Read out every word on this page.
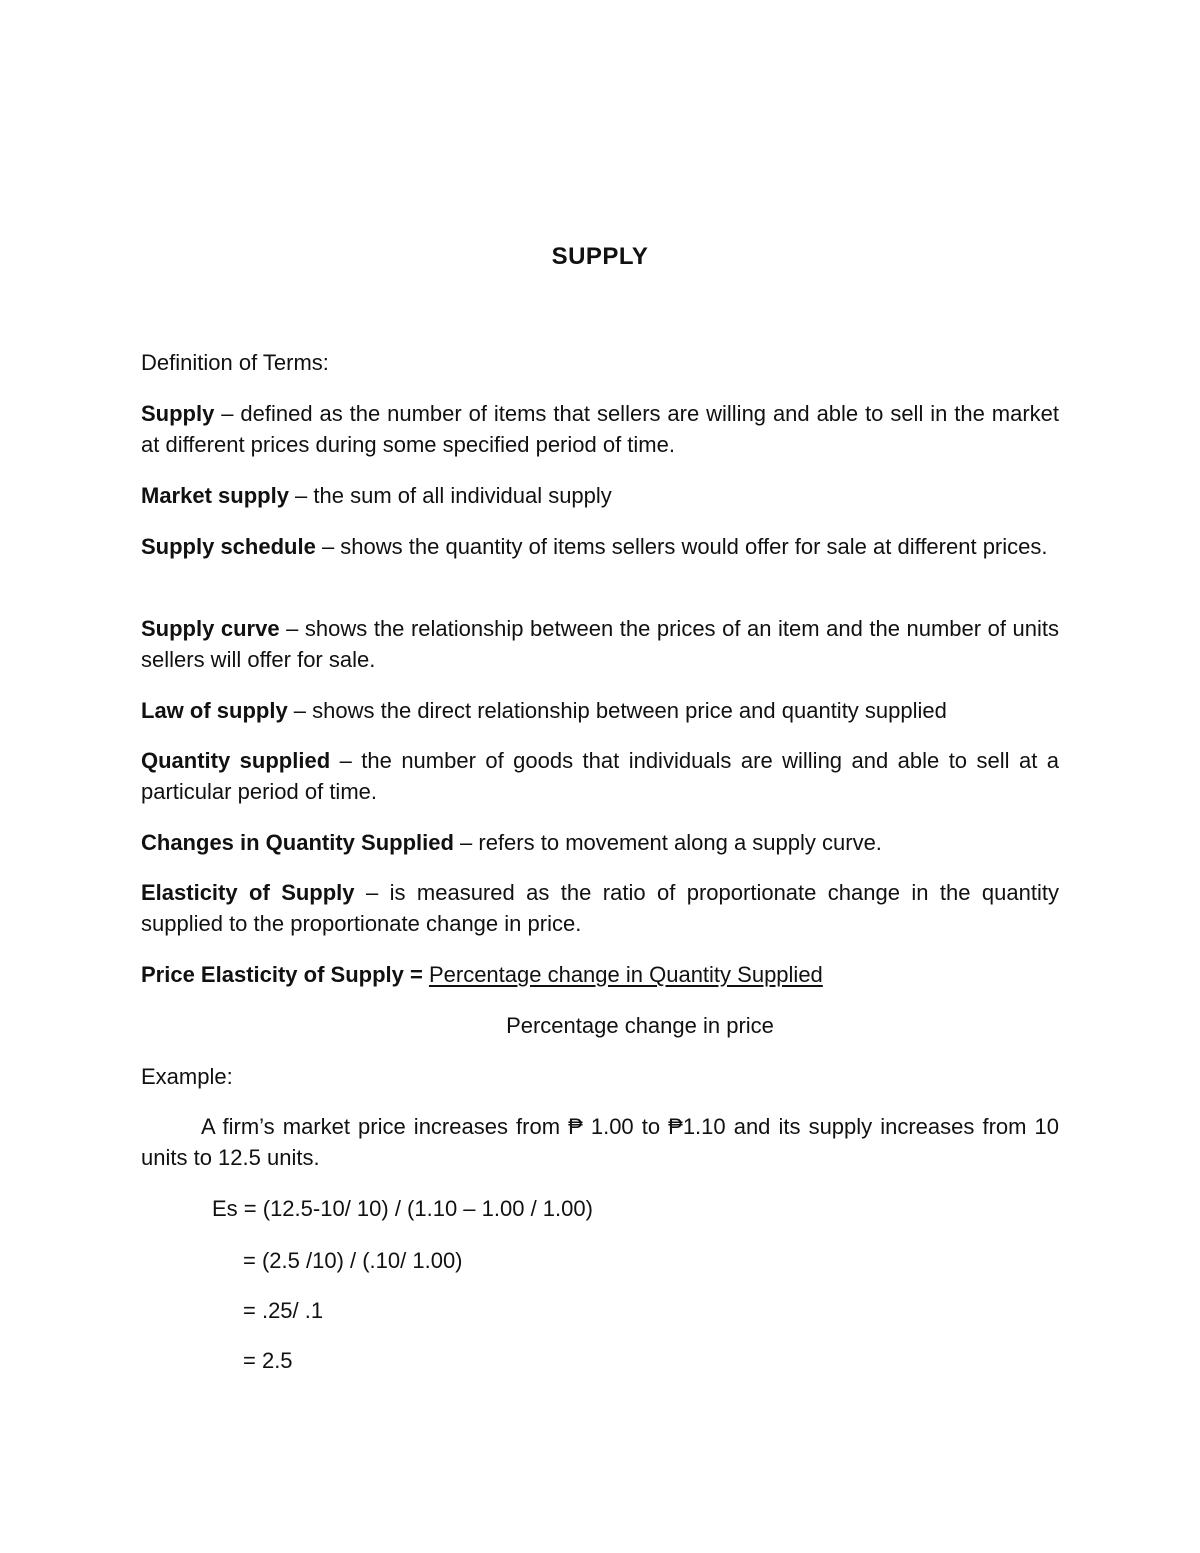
SUPPLY
Definition of Terms:
Supply – defined as the number of items that sellers are willing and able to sell in the market at different prices during some specified period of time.
Market supply – the sum of all individual supply
Supply schedule – shows the quantity of items sellers would offer for sale at different prices.
Supply curve – shows the relationship between the prices of an item and the number of units sellers will offer for sale.
Law of supply – shows the direct relationship between price and quantity supplied
Quantity supplied – the number of goods that individuals are willing and able to sell at a particular period of time.
Changes in Quantity Supplied – refers to movement along a supply curve.
Elasticity of Supply – is measured as the ratio of proportionate change in the quantity supplied to the proportionate change in price.
Price Elasticity of Supply = Percentage change in Quantity Supplied
Percentage change in price
Example:
A firm’s market price increases from ₱ 1.00 to ₱1.10 and its supply increases from 10 units to 12.5 units.
Es = (12.5-10/ 10) / (1.10 – 1.00 / 1.00)
= (2.5 /10) / (.10/ 1.00)
= .25/ .1
= 2.5
